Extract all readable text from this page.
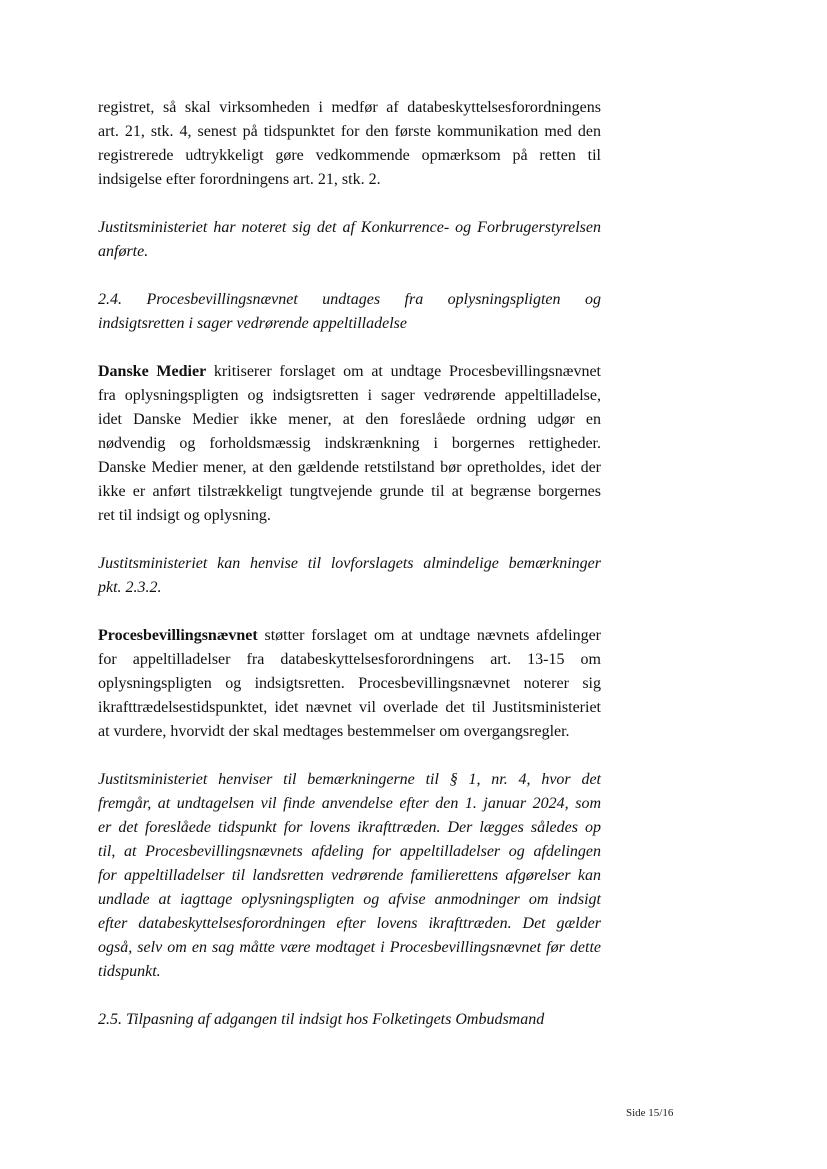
registret, så skal virksomheden i medfør af databeskyttelsesforordningens
art. 21, stk. 4, senest på tidspunktet for den første kommunikation med den
registrerede udtrykkeligt gøre vedkommende opmærksom på retten til
indsigelse efter forordningens art. 21, stk. 2.

Justitsministeriet har noteret sig det af Konkurrence- og Forbrugerstyrelsen
anførte.

2.4.     Procesbevillingsnævnet     undtages     fra     oplysningspligten     og
indsigtsretten i sager vedrørende appeltilladelse

Danske Medier kritiserer forslaget om at undtage Procesbevillingsnævnet
fra oplysningspligten og indsigtsretten i sager vedrørende appeltilladelse,
idet Danske Medier ikke mener, at den foreslåede ordning udgør en
nødvendig og forholdsmæssig indskrænkning i borgernes rettigheder.
Danske Medier mener, at den gældende retstilstand bør opretholdes, idet der
ikke er anført tilstrækkeligt tungtvejende grunde til at begrænse borgernes
ret til indsigt og oplysning.

Justitsministeriet kan henvise til lovforslagets almindelige bemærkninger
pkt. 2.3.2.

Procesbevillingsnævnet støtter forslaget om at undtage nævnets afdelinger
for appeltilladelser fra databeskyttelsesforordningens art. 13-15 om
oplysningspligten og indsigtsretten. Procesbevillingsnævnet noterer sig
ikrafttrædelsestidspunktet, idet nævnet vil overlade det til Justitsministeriet
at vurdere, hvorvidt der skal medtages bestemmelser om overgangsregler.

Justitsministeriet henviser til bemærkningerne til § 1, nr. 4, hvor det
fremgår, at undtagelsen vil finde anvendelse efter den 1. januar 2024, som
er det foreslåede tidspunkt for lovens ikrafttræden. Der lægges således op
til, at Procesbevillingsnævnets afdeling for appeltilladelser og afdelingen
for appeltilladelser til landsretten vedrørende familierettens afgørelser kan
undlade at iagttage oplysningspligten og afvise anmodninger om indsigt
efter databeskyttelsesforordningen efter lovens ikrafttræden. Det gælder
også, selv om en sag måtte være modtaget i Procesbevillingsnævnet før dette
tidspunkt.

2.5. Tilpasning af adgangen til indsigt hos Folketingets Ombudsmand

Side 15/16
